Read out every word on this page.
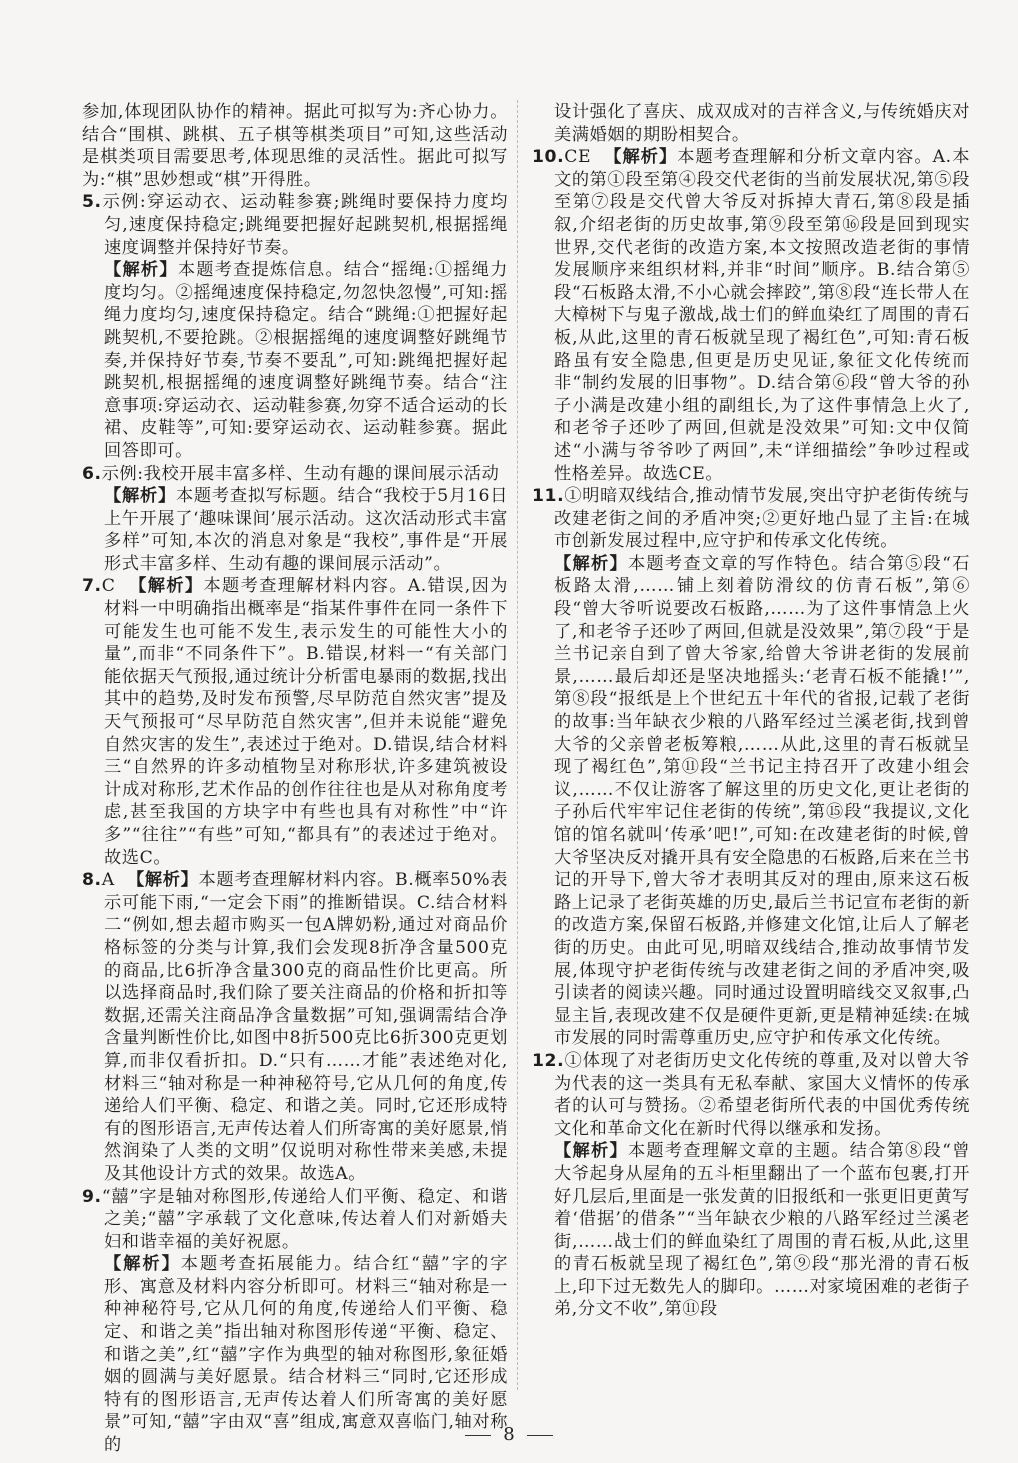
参加,体现团队协作的精神。据此可拟写为:齐心协力。结合“围棋、跳棋、五子棋等棋类项目”可知,这些活动是棋类项目需要思考,体现思维的灵活性。据此可拟写为:“棋”思妙想或“棋”开得胜。

5.示例:穿运动衣、运动鞋参赛;跳绳时要保持力度均匀,速度保持稳定;跳绳要把握好起跳契机,根据摇绳速度调整并保持好节奏。

【解析】本题考查提炼信息。结合“摇绳:①摇绳力度均匀。②摇绳速度保持稳定,勿忽快忽慢”,可知:摇绳力度均匀,速度保持稳定。结合“跳绳:①把握好起跳契机,不要抢跳。②根据摇绳的速度调整好跳绳节奏,并保持好节奏,节奏不要乱”,可知:跳绳把握好起跳契机,根据摇绳的速度调整好跳绳节奏。结合“注意事项:穿运动衣、运动鞋参赛,勿穿不适合运动的长裙、皮鞋等”,可知:要穿运动衣、运动鞋参赛。据此回答即可。

6.示例:我校开展丰富多样、生动有趣的课间展示活动

【解析】本题考查拟写标题。结合“我校于5月16日上午开展了‘趣味课间’展示活动。这次活动形式丰富多样”可知,本次的消息对象是“我校”,事件是“开展形式丰富多样、生动有趣的课间展示活动”。

7.C 【解析】本题考查理解材料内容。A.错误,因为材料一中明确指出概率是“指某件事件在同一条件下可能发生也可能不发生,表示发生的可能性大小的量”,而非“不同条件下”。B.错误,材料一“有关部门能依据天气预报,通过统计分析雷电暴雨的数据,找出其中的趋势,及时发布预警,尽早防范自然灾害”提及天气预报可“尽早防范自然灾害”,但并未说能“避免自然灾害的发生”,表述过于绝对。D.错误,结合材料三“自然界的许多动植物呈对称形状,许多建筑被设计成对称形,艺术作品的创作往往也是从对称角度考虑,甚至我国的方块字中有些也具有对称性”中“许多”“往往”“有些”可知,“都具有”的表述过于绝对。故选C。

8.A 【解析】本题考查理解材料内容。B.概率50%表示可能下雨,“一定会下雨”的推断错误。C.结合材料二“例如,想去超市购买一包A牌奶粉,通过对商品价格标签的分类与计算,我们会发现8折净含量500克的商品,比6折净含量300克的商品性价比更高。所以选择商品时,我们除了要关注商品的价格和折扣等数据,还需关注商品净含量数据”可知,强调需结合净含量判断性价比,如图中8折500克比6折300克更划算,而非仅看折扣。D.“只有……才能”表述绝对化,材料三“轴对称是一种神秘符号,它从几何的角度,传递给人们平衡、稳定、和谐之美。同时,它还形成特有的图形语言,无声传达着人们所寄寓的美好愿景,悄然润染了人类的文明”仅说明对称性带来美感,未提及其他设计方式的效果。故选A。

9.“囍”字是轴对称图形,传递给人们平衡、稳定、和谐之美;“囍”字承载了文化意味,传达着人们对新婚夫妇和谐幸福的美好祝愿。

【解析】本题考查拓展能力。结合红“囍”字的字形、寓意及材料内容分析即可。材料三“轴对称是一种神秘符号,它从几何的角度,传递给人们平衡、稳定、和谐之美”指出轴对称图形传递“平衡、稳定、和谐之美”,红“囍”字作为典型的轴对称图形,象征婚姻的圆满与美好愿景。结合材料三“同时,它还形成特有的图形语言,无声传达着人们所寄寓的美好愿景”可知,“囍”字由双“喜”组成,寓意双喜临门,轴对称的

设计强化了喜庆、成双成对的吉祥含义,与传统婚庆对美满婚姻的期盼相契合。

10.CE 【解析】本题考查理解和分析文章内容。A.本文的第①段至第④段交代老街的当前发展状况,第⑤段至第⑦段是交代曾大爷反对拆掉大青石,第⑧段是插叙,介绍老街的历史故事,第⑨段至第⑯段是回到现实世界,交代老街的改造方案,本文按照改造老街的事情发展顺序来组织材料,并非“时间”顺序。B.结合第⑤段“石板路太滑,不小心就会摔跤”,第⑧段“连长带人在大樟树下与鬼子激战,战士们的鲜血染红了周围的青石板,从此,这里的青石板就呈现了褐红色”,可知:青石板路虽有安全隐患,但更是历史见证,象征文化传统而非“制约发展的旧事物”。D.结合第⑥段“曾大爷的孙子小满是改建小组的副组长,为了这件事情急上火了,和老爷子还吵了两回,但就是没效果”可知:文中仅简述“小满与爷爷吵了两回”,未“详细描绘”争吵过程或性格差异。故选CE。

11.①明暗双线结合,推动情节发展,突出守护老街传统与改建老街之间的矛盾冲突;②更好地凸显了主旨:在城市创新发展过程中,应守护和传承文化传统。

【解析】本题考查文章的写作特色。结合第⑤段“石板路太滑,……铺上刻着防滑纹的仿青石板”,第⑥段“曾大爷听说要改石板路,……为了这件事情急上火了,和老爷子还吵了两回,但就是没效果”,第⑦段“于是兰书记亲自到了曾大爷家,给曾大爷讲老街的发展前景,……最后却还是坚决地摇头:‘老青石板不能撬!’”,第⑧段“报纸是上个世纪五十年代的省报,记载了老街的故事:当年缺衣少粮的八路军经过兰溪老街,找到曾大爷的父亲曾老板筹粮,……从此,这里的青石板就呈现了褐红色”,第⑪段“兰书记主持召开了改建小组会议,……不仅让游客了解这里的历史文化,更让老街的子孙后代牢牢记住老街的传统”,第⑮段“我提议,文化馆的馆名就叫‘传承’吧!”,可知:在改建老街的时候,曾大爷坚决反对撬开具有安全隐患的石板路,后来在兰书记的开导下,曾大爷才表明其反对的理由,原来这石板路上记录了老街英雄的历史,最后兰书记宣布老街的新的改造方案,保留石板路,并修建文化馆,让后人了解老街的历史。由此可见,明暗双线结合,推动故事情节发展,体现守护老街传统与改建老街之间的矛盾冲突,吸引读者的阅读兴趣。同时通过设置明暗线交叉叙事,凸显主旨,表现改建不仅是硬件更新,更是精神延续:在城市发展的同时需尊重历史,应守护和传承文化传统。

12.①体现了对老街历史文化传统的尊重,及对以曾大爷为代表的这一类具有无私奉献、家国大义情怀的传承者的认可与赞扬。②希望老街所代表的中国优秀传统文化和革命文化在新时代得以继承和发扬。

【解析】本题考查理解文章的主题。结合第⑧段“曾大爷起身从屋角的五斗柜里翻出了一个蓝布包裹,打开好几层后,里面是一张发黄的旧报纸和一张更旧更黄写着‘借据’的借条”“当年缺衣少粮的八路军经过兰溪老街,……战士们的鲜血染红了周围的青石板,从此,这里的青石板就呈现了褐红色”,第⑨段“那光滑的青石板上,印下过无数先人的脚印。……对家境困难的老街子弟,分文不收”,第⑪段

8
